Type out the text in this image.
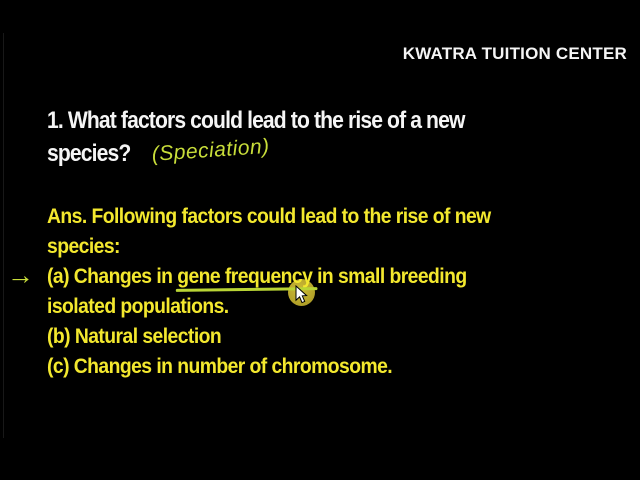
KWATRA TUITION CENTER
1. What factors could lead to the rise of a new
species? (Speciation)
Ans. Following factors could lead to the rise of new
species:
→ (a) Changes in gene frequency in small breeding
isolated populations.
(b) Natural selection
(c) Changes in number of chromosome.
